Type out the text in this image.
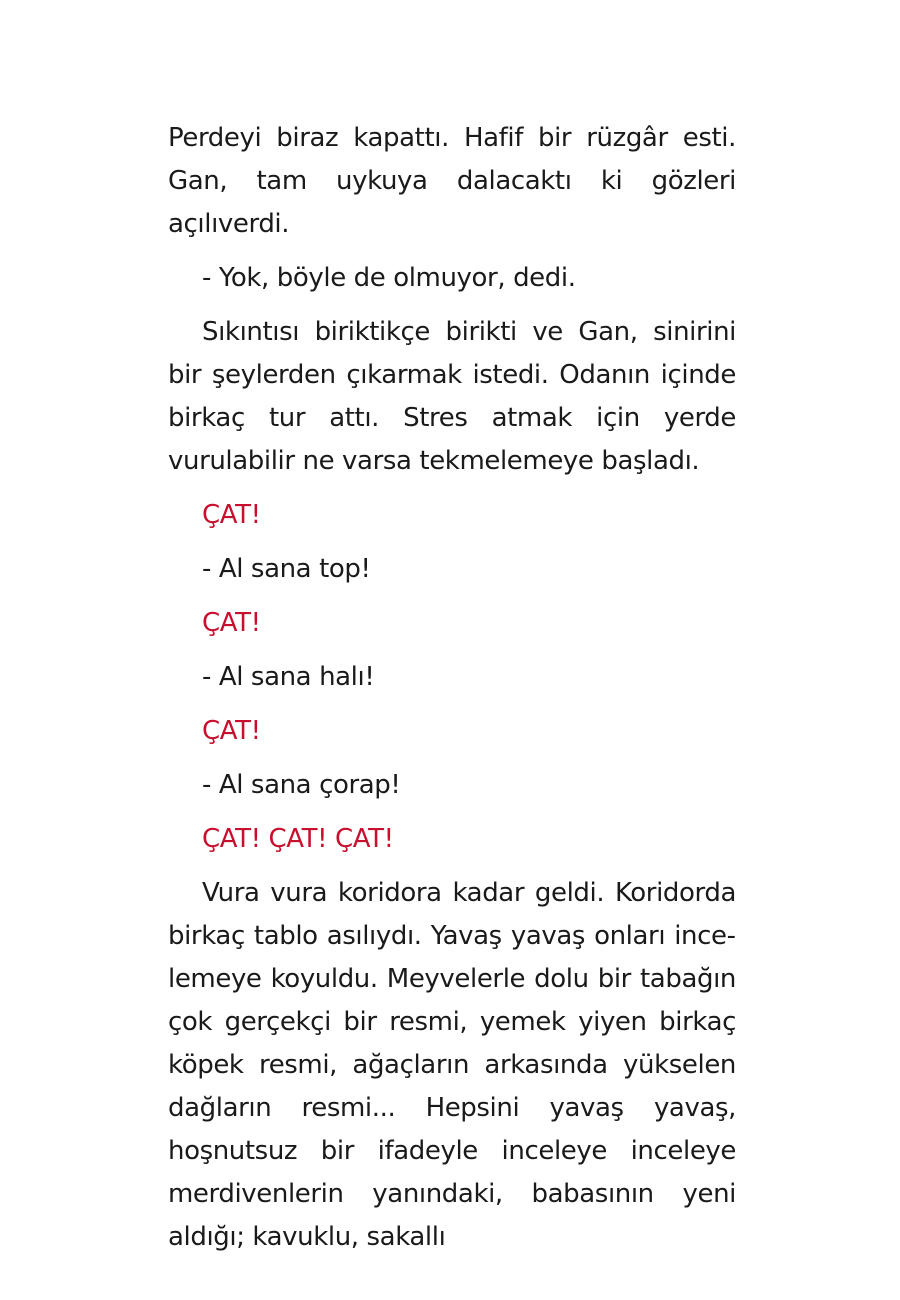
Perdeyi biraz kapattı. Hafif bir rüzgâr esti. Gan, tam uykuya dalacaktı ki gözleri açılıverdi.

- Yok, böyle de olmuyor, dedi.

Sıkıntısı biriktikçe birikti ve Gan, sinirini bir şeylerden çıkarmak istedi. Odanın içinde birkaç tur attı. Stres atmak için yerde vurulabilir ne varsa tekmelemeye başladı.

ÇAT!

- Al sana top!

ÇAT!

- Al sana halı!

ÇAT!

- Al sana çorap!

ÇAT! ÇAT! ÇAT!

Vura vura koridora kadar geldi. Koridorda birkaç tablo asılıydı. Yavaş yavaş onları incelemeye koyuldu. Meyvelerle dolu bir tabağın çok gerçekçi bir resmi, yemek yiyen birkaç köpek resmi, ağaçların arkasında yükselen dağların resmi... Hepsini yavaş yavaş, hoşnutsuz bir ifadeyle inceleye inceleye merdivenlerin yanındaki, babasının yeni aldığı; kavuklu, sakallı
